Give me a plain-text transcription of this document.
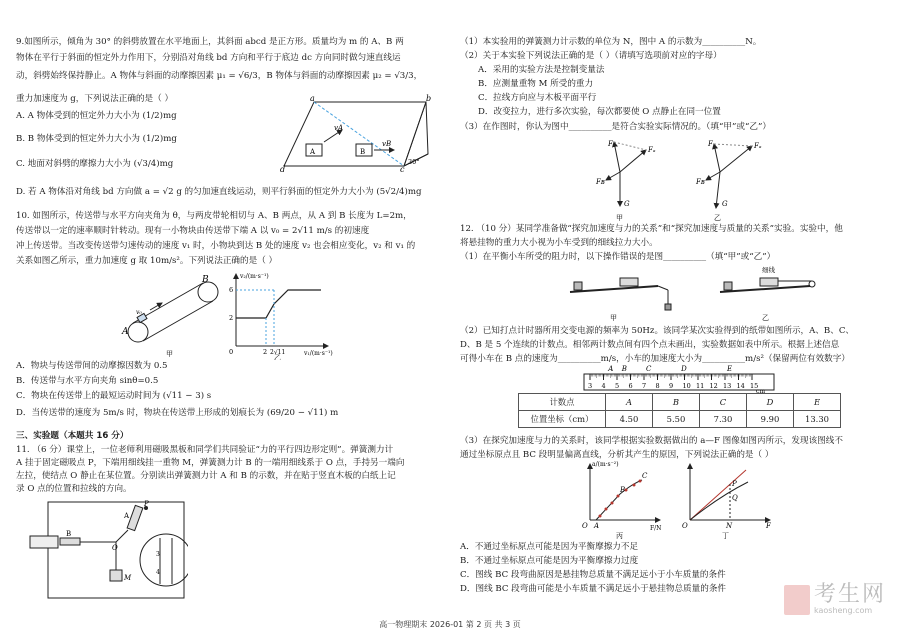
9.如图所示，倾角为 30° 的斜劈放置在水平地面上，其斜面 abcd 是正方形。质量均为 m 的 A、B 两
物体在平行于斜面的恒定外力作用下，分别沿对角线 bd 方向和平行于底边 dc 方向同时做匀速直线运
动，斜劈始终保持静止。A 物体与斜面的动摩擦因素 μ₁ = √6/3，B 物体与斜面的动摩擦因素 μ₂ = √3/3，
重力加速度为 g，下列说法正确的是（ ）
A. A 物体受到的恒定外力大小为 (1/2)mg
B. B 物体受到的恒定外力大小为 (1/2)mg
C. 地面对斜劈的摩擦力大小为 (√3/4)mg
D. 若 A 物体沿对角线 bd 方向做 a = √2 g 的匀加速直线运动，则平行斜面的恒定外力大小为 (5√2/4)mg
a	b
c
d
A	B
vA
vB
30°
10. 如图所示，传送带与水平方向夹角为 θ，与两皮带轮相切与 A、B 两点，从 A 到 B 长度为 L=2m，
传送带以一定的速率顺时针转动。现有一小物块由传送带下端 A 以 v₀ = 2√11 m/s 的初速度
冲上传送带。当改变传送带匀速传动的速度 v₁ 时，小物块到达 B 处的速度 v₂ 也会相应变化，v₂ 和 v₁ 的
关系如图乙所示，重力加速度 g 取 10m/s²。下列说法正确的是（ ）
A
B
v₀
甲
v₂/(m·s⁻¹)
v₁/(m·s⁻¹)
6
2
0	2 2√11
乙
A．物块与传送带间的动摩擦因数为 0.5
B．传送带与水平方向夹角 sinθ=0.5
C．物块在传送带上的最短运动时间为 (√11 − 3) s
D．当传送带的速度为 5m/s 时，物块在传送带上形成的划痕长为 (69/20 − √11) m
三、实验题（本题共 16 分）
11. （6 分）课堂上，一位老师利用磁吸黑板和同学们共同验证“力的平行四边形定则”。弹簧测力计
A 挂于固定磁吸点 P，下端用细线挂一重物 M，弹簧测力计 B 的一端用细线系于 O 点，手持另一端向
左拉，使结点 O 静止在某位置。分别读出弹簧测力计 A 和 B 的示数，并在贴于竖直木板的白纸上记
录 O 点的位置和拉线的方向。
P
A
B
O
M
3
4
（1）本实验用的弹簧测力计示数的单位为 N，图中 A 的示数为__________N。
（2）关于本实验下列说法正确的是（ ）（请填写选项前对应的字母）
A．采用的实验方法是控制变量法
B．应测量重物 M 所受的重力
C．拉线方向应与木板平面平行
D．改变拉力，进行多次实验，每次都要使 O 点静止在同一位置
（3）在作图时，你认为图中__________是符合实验实际情况的。（填“甲”或“乙”）
F
Fₐ
Fʙ
G
甲
F	Fₐ
Fʙ
G
乙
12. （10 分）某同学准备做“探究加速度与力的关系”和“探究加速度与质量的关系”实验。实验中，他
将悬挂物的重力大小视为小车受到的细线拉力大小。
（1）在平衡小车所受的阻力时，以下操作错误的是图__________（填“甲”或“乙”）
甲
细线
乙
（2）已知打点计时器所用交变电源的频率为 50Hz。该同学某次实验得到的纸带如图所示，A、B、C、
D、B 是 5 个连续的计数点。相邻两计数点间有四个点未画出，实验数据如表中所示。根据上述信息
可得小车在 B 点的速度为__________m/s，小车的加速度大小为__________m/s²（保留两位有效数字）
3 4 5 6 7 8 9 10 11 12 13 14 15
A B	C	D	E
cm
计数点	A	B	C	D	E
位置坐标（cm）	4.50	5.50	7.30	9.90	13.30
（3）在探究加速度与力的关系时，该同学根据实验数据做出的 a—F 图像如图丙所示，发现该图线不
通过坐标原点且 BC 段明显偏离直线，分析其产生的原因，下列说法正确的是（ ）
a/(m·s⁻²)
F/N
O A
B
C
丙
O
P
Q
N	F
丁
A．不通过坐标原点可能是因为平衡摩擦力不足
B．不通过坐标原点可能是因为平衡摩擦力过度
C．图线 BC 段弯曲原因是悬挂物总质量不满足远小于小车质量的条件
D．图线 BC 段弯曲可能是小车质量不满足远小于悬挂物总质量的条件	考生网
kaosheng.com
高一物理期末 2026-01 第 2 页 共 3 页
